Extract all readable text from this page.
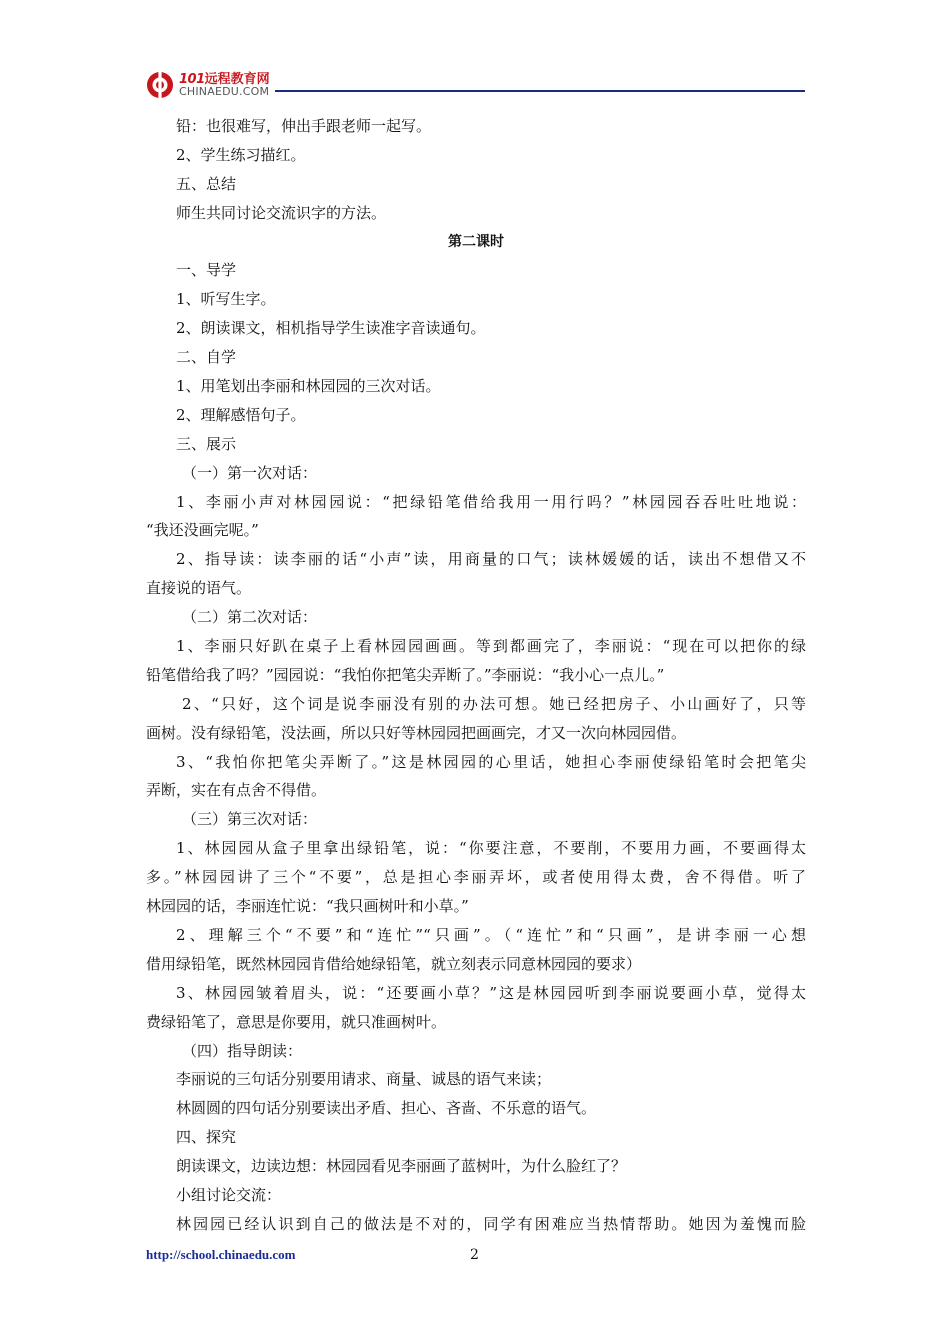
101远程教育网
CHINAEDU.COM
铅：也很难写，伸出手跟老师一起写。
2、学生练习描红。
五、总结
师生共同讨论交流识字的方法。
第二课时
一、导学
1、听写生字。
2、朗读课文，相机指导学生读准字音读通句。
二、自学
1、用笔划出李丽和林园园的三次对话。
2、理解感悟句子。
三、展示
（一）第一次对话：
1、李丽小声对林园园说：“把绿铅笔借给我用一用行吗？”林园园吞吞吐吐地说：
“我还没画完呢。”
2、指导读：读李丽的话“小声”读，用商量的口气；读林媛媛的话，读出不想借又不
直接说的语气。
（二）第二次对话：
1、李丽只好趴在桌子上看林园园画画。等到都画完了，李丽说：“现在可以把你的绿
铅笔借给我了吗？”园园说：“我怕你把笔尖弄断了。”李丽说：“我小心一点儿。”
2、“只好，这个词是说李丽没有别的办法可想。她已经把房子、小山画好了，只等
画树。没有绿铅笔，没法画，所以只好等林园园把画画完，才又一次向林园园借。
3、“我怕你把笔尖弄断了。”这是林园园的心里话，她担心李丽使绿铅笔时会把笔尖
弄断，实在有点舍不得借。
（三）第三次对话：
1、林园园从盒子里拿出绿铅笔，说：“你要注意，不要削，不要用力画，不要画得太
多。”林园园讲了三个“不要”，总是担心李丽弄坏，或者使用得太费，舍不得借。听了
林园园的话，李丽连忙说：“我只画树叶和小草。”
2、理解三个“不要”和“连忙”“只画”。（“连忙”和“只画”，是讲李丽一心想
借用绿铅笔，既然林园园肯借给她绿铅笔，就立刻表示同意林园园的要求）
3、林园园皱着眉头，说：“还要画小草？”这是林园园听到李丽说要画小草，觉得太
费绿铅笔了，意思是你要用，就只准画树叶。
（四）指导朗读：
李丽说的三句话分别要用请求、商量、诚恳的语气来读；
林圆圆的四句话分别要读出矛盾、担心、吝啬、不乐意的语气。
四、探究
朗读课文，边读边想：林园园看见李丽画了蓝树叶，为什么脸红了？
小组讨论交流：
林园园已经认识到自己的做法是不对的，同学有困难应当热情帮助。她因为羞愧而脸
http://school.chinaedu.com	2
